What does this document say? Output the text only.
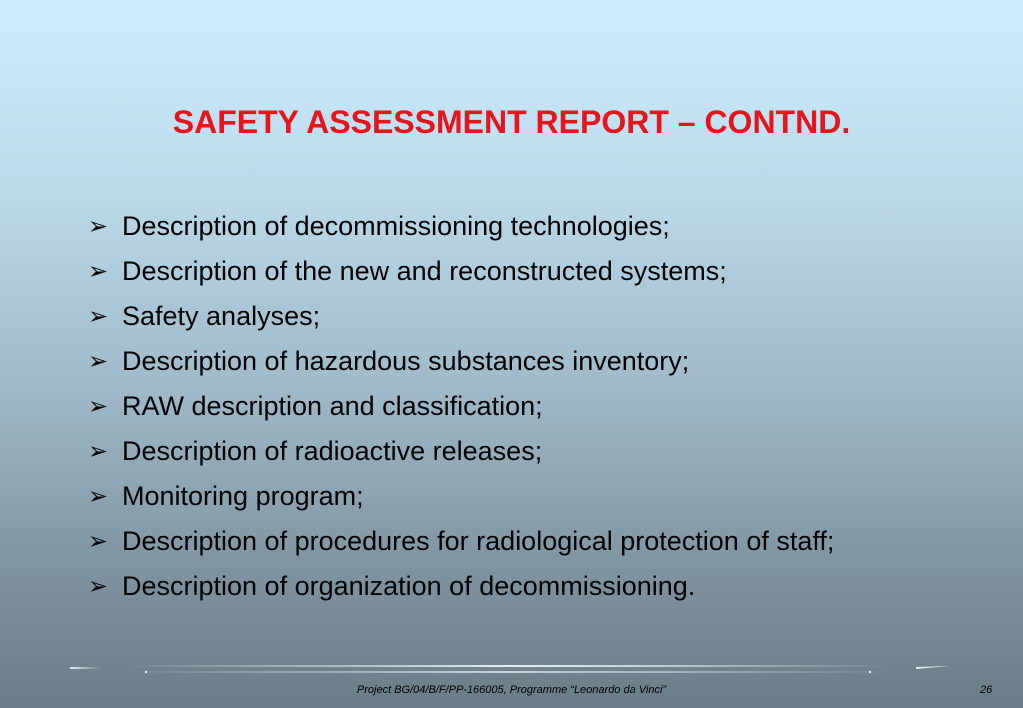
SAFETY ASSESSMENT REPORT – CONTND.
➢ Description of decommissioning technologies;
➢ Description of the new and reconstructed systems;
➢ Safety analyses;
➢ Description of hazardous substances inventory;
➢ RAW description and classification;
➢ Description of radioactive releases;
➢ Monitoring program;
➢ Description of procedures for radiological protection of staff;
➢ Description of organization of decommissioning.
Project BG/04/B/F/PP-166005, Programme “Leonardo da Vinci”	26
